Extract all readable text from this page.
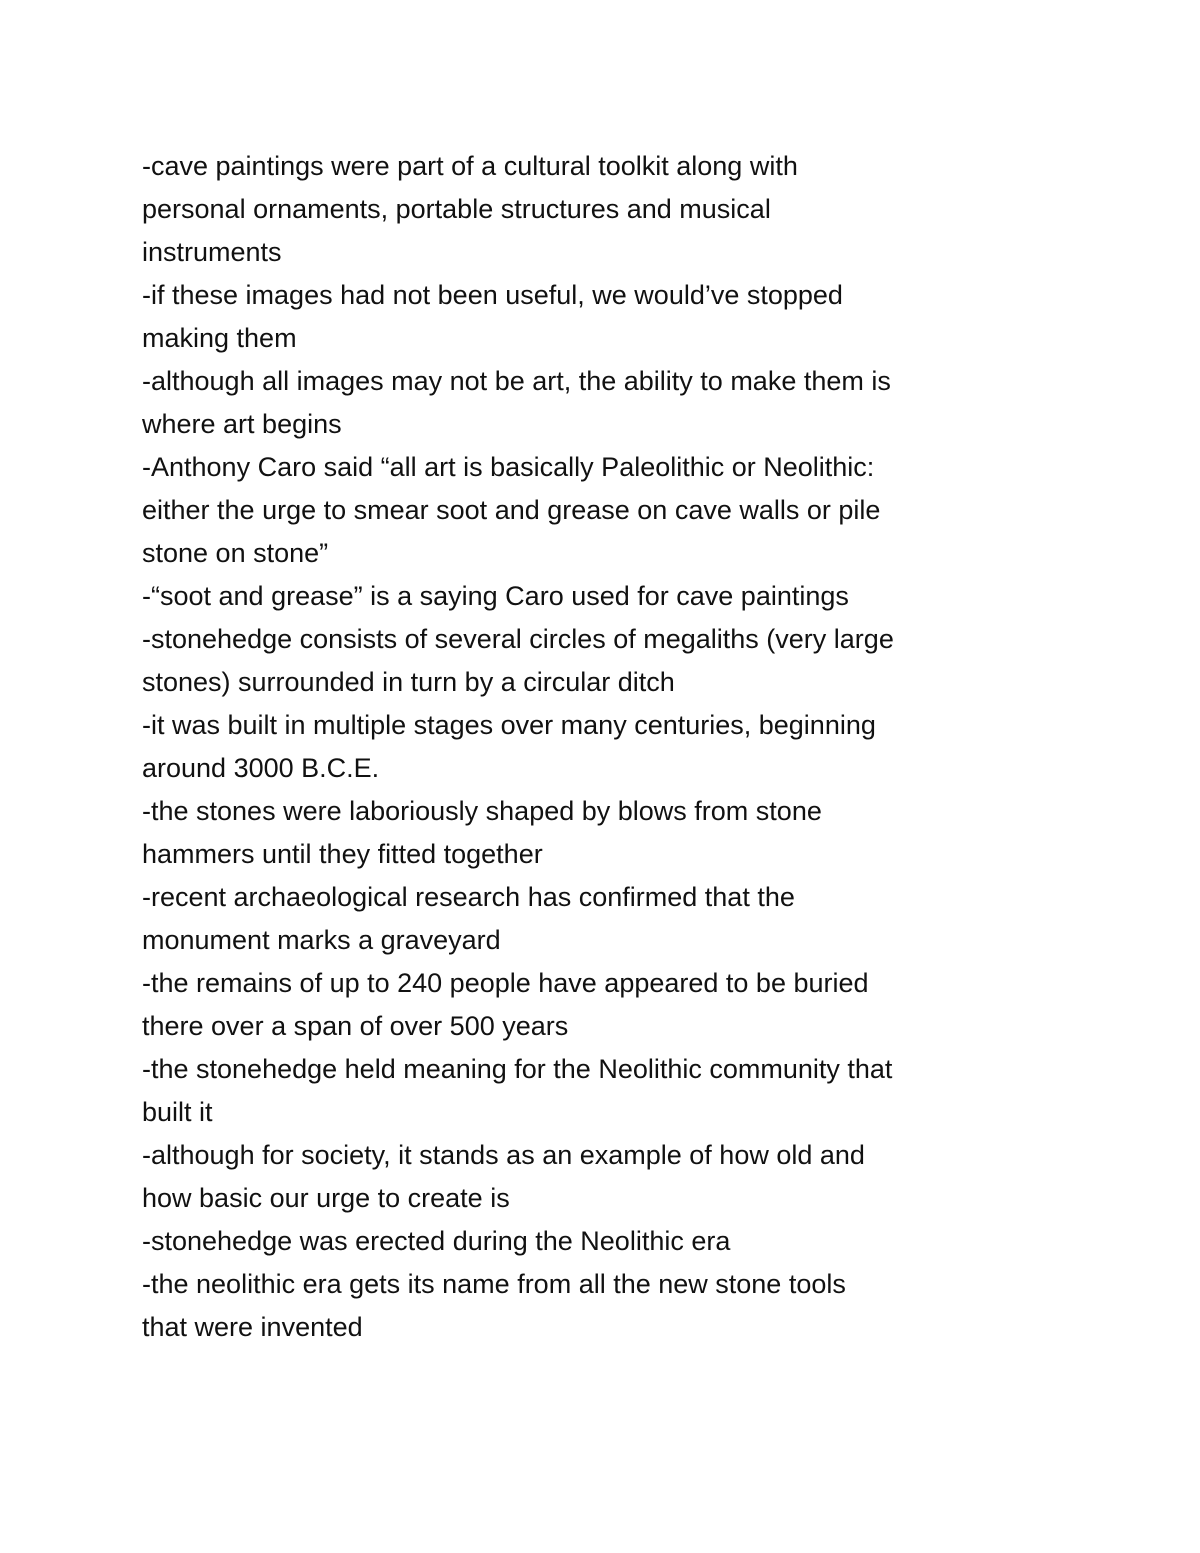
-cave paintings were part of a cultural toolkit along with
personal ornaments, portable structures and musical
instruments
-if these images had not been useful, we would’ve stopped
making them
-although all images may not be art, the ability to make them is
where art begins
-Anthony Caro said “all art is basically Paleolithic or Neolithic:
either the urge to smear soot and grease on cave walls or pile
stone on stone”
-“soot and grease” is a saying Caro used for cave paintings
-stonehedge consists of several circles of megaliths (very large
stones) surrounded in turn by a circular ditch
-it was built in multiple stages over many centuries, beginning
around 3000 B.C.E.
-the stones were laboriously shaped by blows from stone
hammers until they fitted together
-recent archaeological research has confirmed that the
monument marks a graveyard
-the remains of up to 240 people have appeared to be buried
there over a span of over 500 years
-the stonehedge held meaning for the Neolithic community that
built it
-although for society, it stands as an example of how old and
how basic our urge to create is
-stonehedge was erected during the Neolithic era
-the neolithic era gets its name from all the new stone tools
that were invented
